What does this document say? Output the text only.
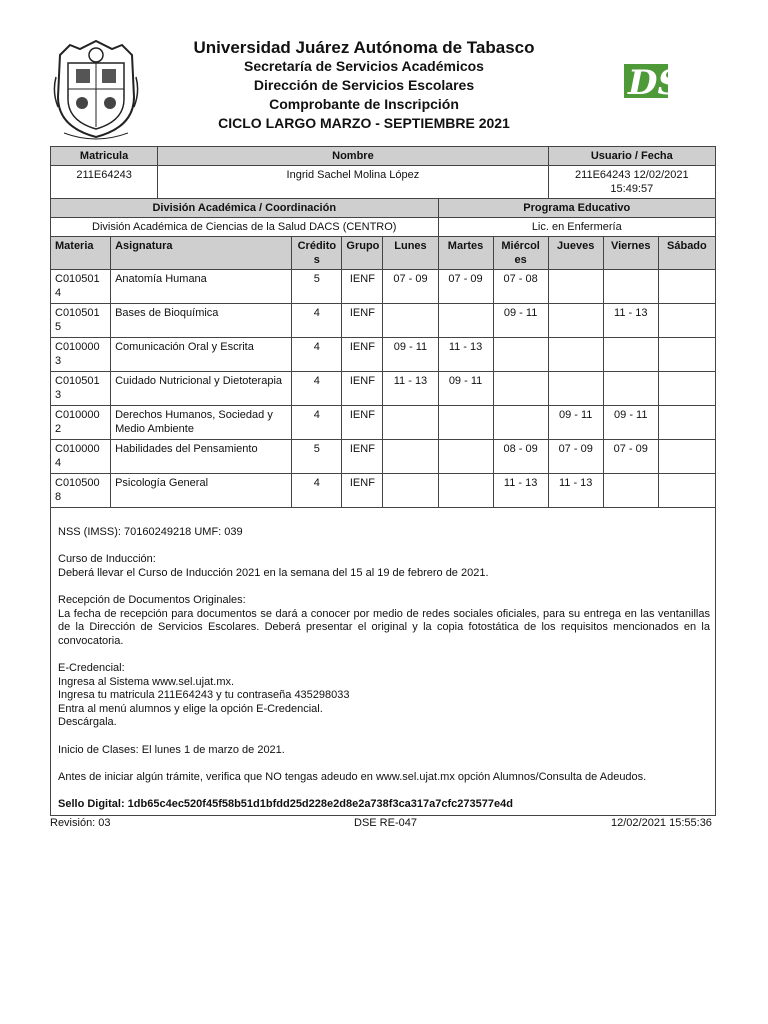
Universidad Juárez Autónoma de Tabasco
Secretaría de Servicios Académicos
Dirección de Servicios Escolares
Comprobante de Inscripción
CICLO LARGO MARZO - SEPTIEMBRE 2021
DSE
Matricula		Nombre						Usuario / Fecha		
211E64243		Ingrid Sachel Molina López						211E64243 12/02/2021 15:49:57		
División Académica / Coordinación						Programa Educativo				
División Académica de Ciencias de la Salud DACS (CENTRO)						Lic. en Enfermería				
Materia	Asignatura		Crédito s	Grupo	Lunes	Martes	Miércol es	Jueves	Viernes	Sábado
C010501 4	Anatomía Humana		5	IENF	07 - 09	07 - 09	07 - 08			
C010501 5	Bases de Bioquímica		4	IENF			09 - 11		11 - 13	
C010000 3	Comunicación Oral y Escrita		4	IENF	09 - 11	11 - 13				
C010501 3	Cuidado Nutricional y Dietoterapia		4	IENF	11 - 13	09 - 11				
C010000 2	Derechos Humanos, Sociedad y Medio Ambiente		4	IENF				09 - 11	09 - 11	
C010000 4	Habilidades del Pensamiento		5	IENF			08 - 09	07 - 09	07 - 09	
C010500 8	Psicología General		4	IENF			11 - 13	11 - 13		

NSS (IMSS): 70160249218 UMF: 039

Curso de Inducción:
Deberá llevar el Curso de Inducción 2021 en la semana del 15 al 19 de febrero de 2021.

Recepción de Documentos Originales:
La fecha de recepción para documentos se dará a conocer por medio de redes sociales oficiales, para su entrega en las ventanillas de la Dirección de Servicios Escolares. Deberá presentar el original y la copia fotostática de los requisitos mencionados en la convocatoria.

E-Credencial:
Ingresa al Sistema www.sel.ujat.mx.
Ingresa tu matricula 211E64243 y tu contraseña 435298033
Entra al menú alumnos y elige la opción E-Credencial.
Descárgala.

Inicio de Clases: El lunes 1 de marzo de 2021.

Antes de iniciar algún trámite, verifica que NO tengas adeudo en www.sel.ujat.mx opción Alumnos/Consulta de Adeudos.

Sello Digital: 1db65c4ec520f45f58b51d1bfdd25d228e2d8e2a738f3ca317a7cfc273577e4d

Revisión: 03	DSE RE-047	12/02/2021 15:55:36
